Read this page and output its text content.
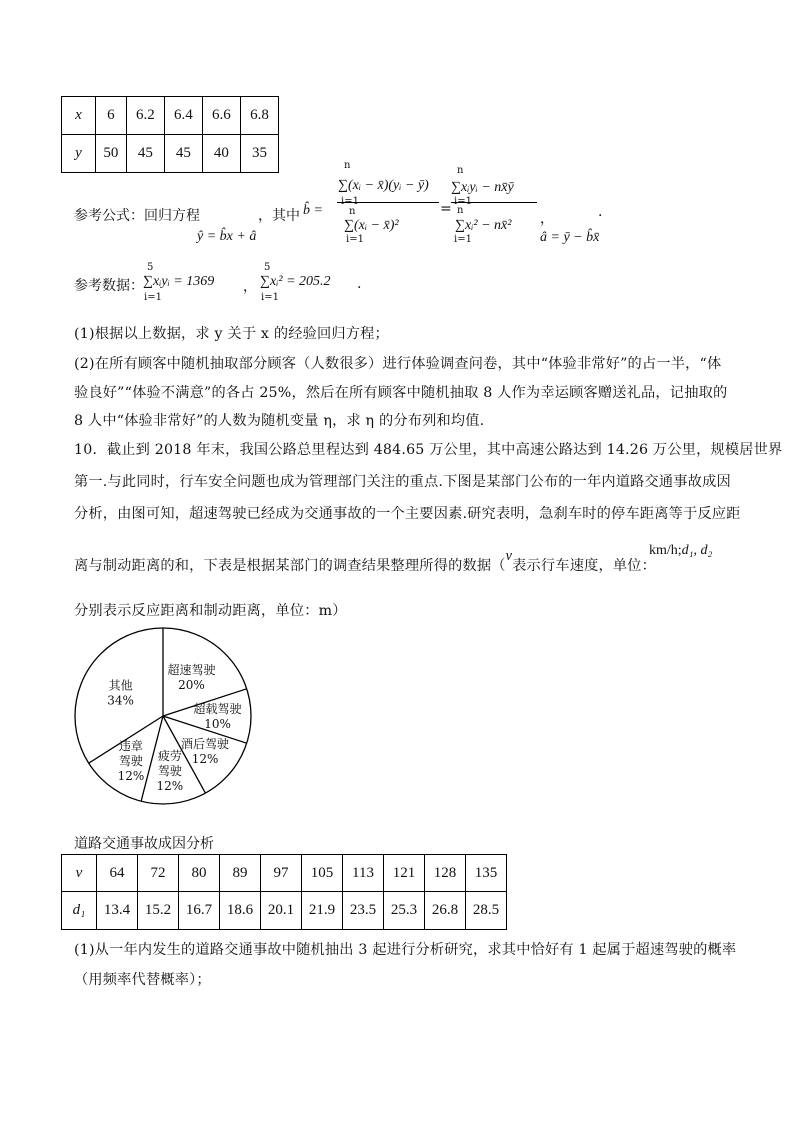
x	6	6.2	6.4	6.6	6.8
y	50	45	45	40	35
参考公式：回归方程
ŷ = b̂x + â
，其中 b̂ =
n
i=1
∑(xᵢ − x̄)(yᵢ − ȳ)
n
i=1
∑(xᵢ − x̄)²
=
n
i=1
∑xᵢyᵢ − nx̄ȳ
n
i=1
∑xᵢ² − nx̄² ，
â = ȳ − b̂x̄
.
参考数据：
5
i=1
∑xᵢyᵢ = 1369 ，
5
i=1
∑xᵢ² = 205.2 .
(1)根据以上数据，求 y 关于 x 的经验回归方程；
(2)在所有顾客中随机抽取部分顾客（人数很多）进行体验调查问卷，其中“体验非常好”的占一半，“体
验良好”“体验不满意”的各占 25%，然后在所有顾客中随机抽取 8 人作为幸运顾客赠送礼品，记抽取的
8 人中“体验非常好”的人数为随机变量 η，求 η 的分布列和均值.
10．截止到 2018 年末，我国公路总里程达到 484.65 万公里，其中高速公路达到 14.26 万公里，规模居世界
第一.与此同时，行车安全问题也成为管理部门关注的重点.下图是某部门公布的一年内道路交通事故成因
分析，由图可知，超速驾驶已经成为交通事故的一个主要因素.研究表明，急刹车时的停车距离等于反应距
离与制动距离的和，下表是根据某部门的调查结果整理所得的数据（v表示行车速度，单位：
km/h;d₁, d₂
分别表示反应距离和制动距离，单位：m）
超速驾驶 20%
超载驾驶 10%
酒后驾驶 12%
疲劳驾驶 12%
违章驾驶 12%
其他 34%
道路交通事故成因分析
v	64	72	80	89	97	105	113	121	128	135
d₁	13.4	15.2	16.7	18.6	20.1	21.9	23.5	25.3	26.8	28.5
(1)从一年内发生的道路交通事故中随机抽出 3 起进行分析研究，求其中恰好有 1 起属于超速驾驶的概率
（用频率代替概率）；
